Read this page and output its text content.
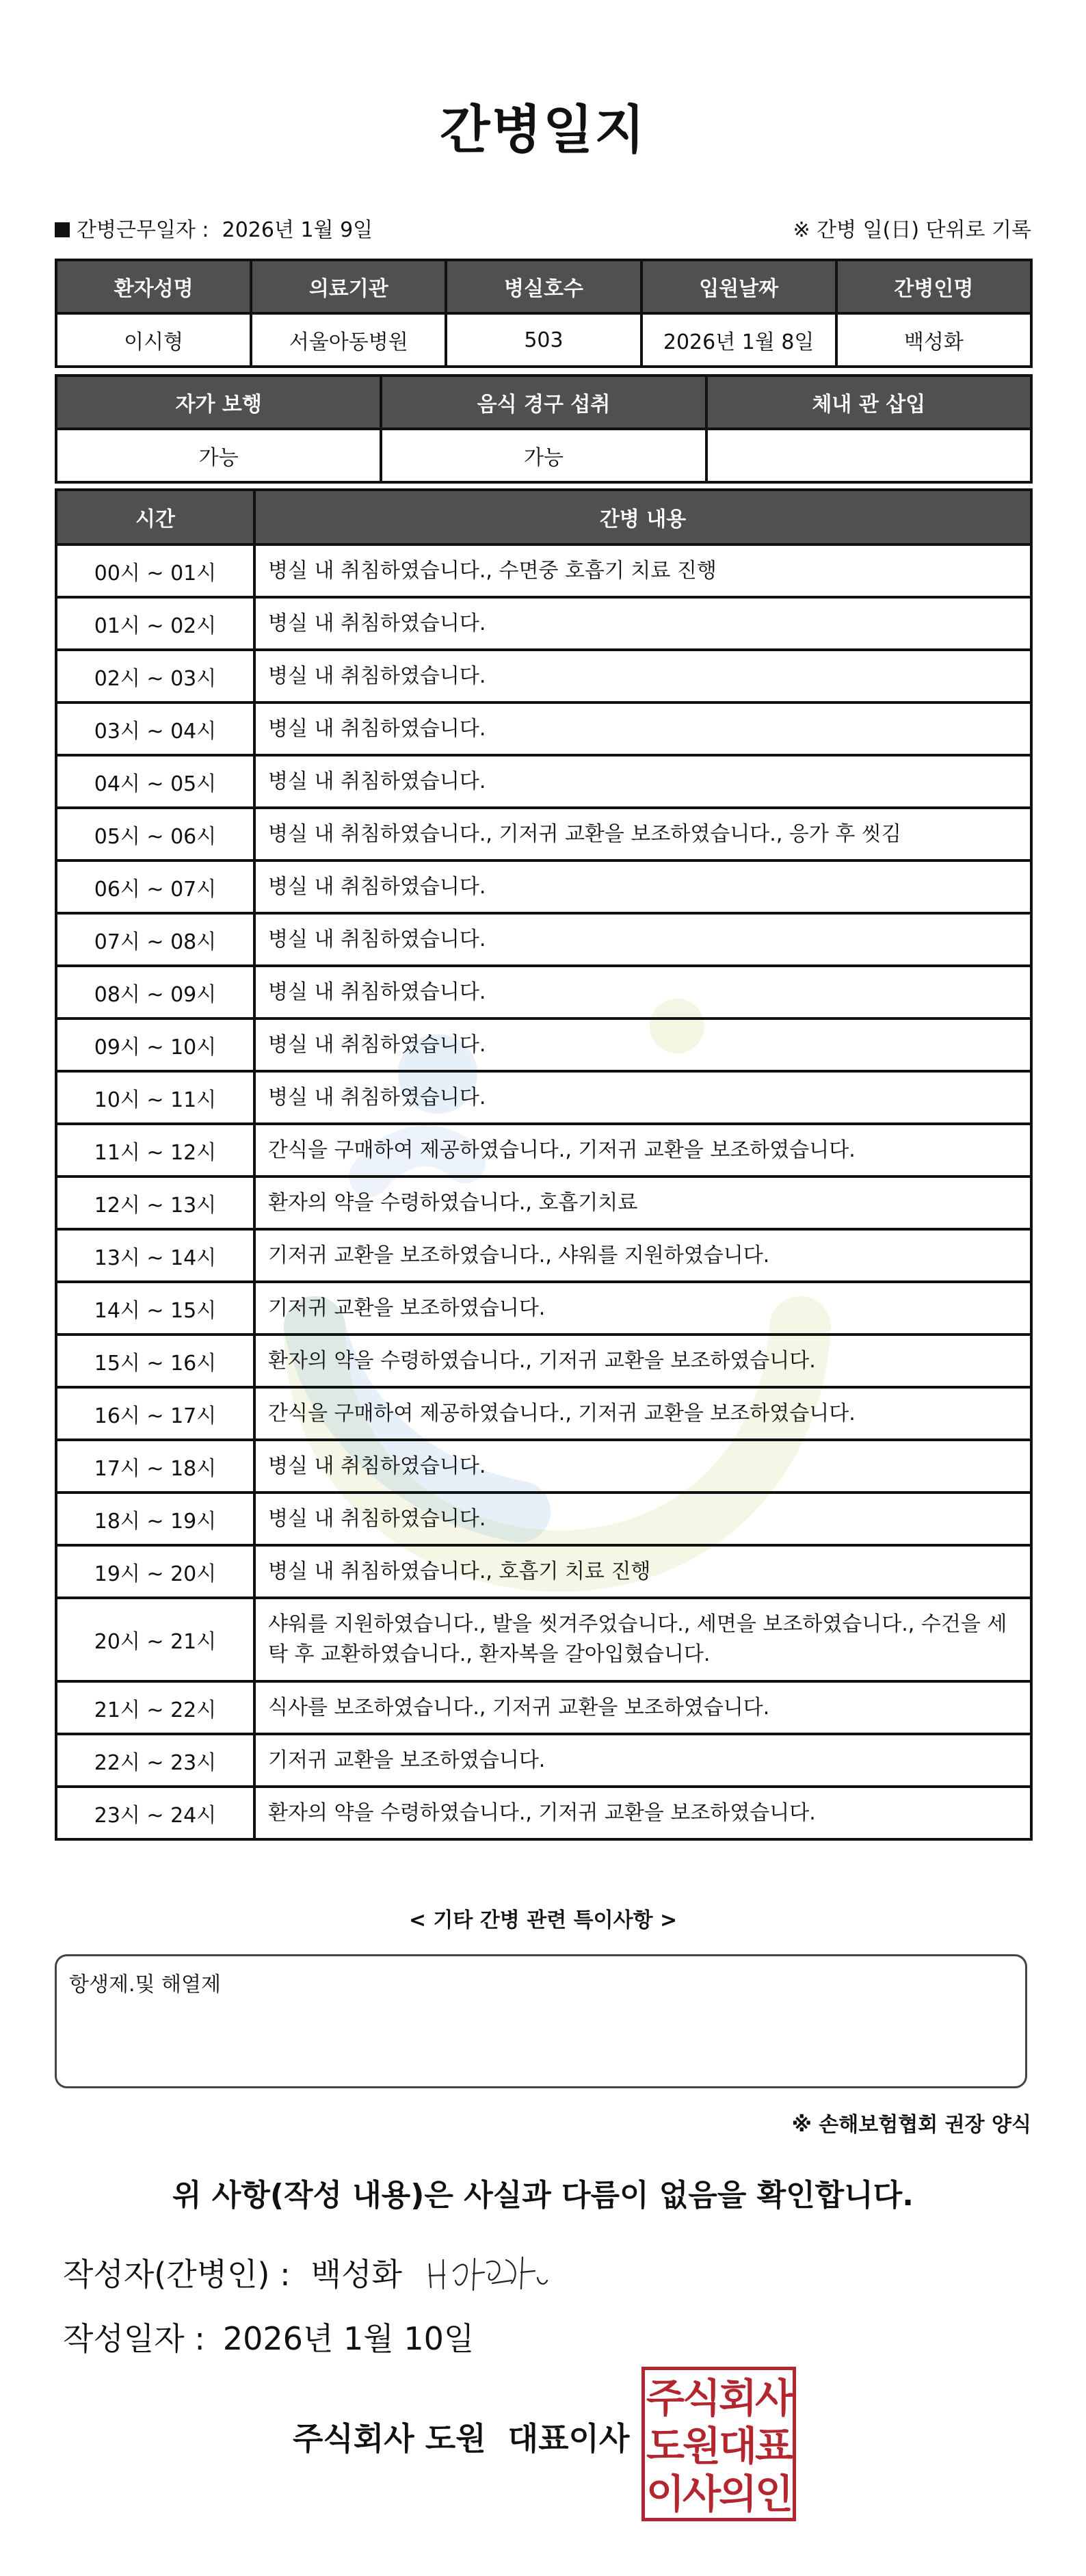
간병일지
간병근무일자 : 2026년 1월 9일	※ 간병 일(日) 단위로 기록
환자성명	의료기관	병실호수	입원날짜	간병인명
이시형	서울아동병원	503	2026년 1월 8일	백성화
자가 보행	음식 경구 섭취	체내 관 삽입
가능	가능	
시간	간병 내용
00시 ~ 01시	병실 내 취침하였습니다., 수면중 호흡기 치료 진행
01시 ~ 02시	병실 내 취침하였습니다.
02시 ~ 03시	병실 내 취침하였습니다.
03시 ~ 04시	병실 내 취침하였습니다.
04시 ~ 05시	병실 내 취침하였습니다.
05시 ~ 06시	병실 내 취침하였습니다., 기저귀 교환을 보조하였습니다., 응가 후 씻김
06시 ~ 07시	병실 내 취침하였습니다.
07시 ~ 08시	병실 내 취침하였습니다.
08시 ~ 09시	병실 내 취침하였습니다.
09시 ~ 10시	병실 내 취침하였습니다.
10시 ~ 11시	병실 내 취침하였습니다.
11시 ~ 12시	간식을 구매하여 제공하였습니다., 기저귀 교환을 보조하였습니다.
12시 ~ 13시	환자의 약을 수령하였습니다., 호흡기치료
13시 ~ 14시	기저귀 교환을 보조하였습니다., 샤워를 지원하였습니다.
14시 ~ 15시	기저귀 교환을 보조하였습니다.
15시 ~ 16시	환자의 약을 수령하였습니다., 기저귀 교환을 보조하였습니다.
16시 ~ 17시	간식을 구매하여 제공하였습니다., 기저귀 교환을 보조하였습니다.
17시 ~ 18시	병실 내 취침하였습니다.
18시 ~ 19시	병실 내 취침하였습니다.
19시 ~ 20시	병실 내 취침하였습니다., 호흡기 치료 진행
20시 ~ 21시	샤워를 지원하였습니다., 발을 씻겨주었습니다., 세면을 보조하였습니다., 수건을 세탁 후 교환하였습니다., 환자복을 갈아입혔습니다.
21시 ~ 22시	식사를 보조하였습니다., 기저귀 교환을 보조하였습니다.
22시 ~ 23시	기저귀 교환을 보조하였습니다.
23시 ~ 24시	환자의 약을 수령하였습니다., 기저귀 교환을 보조하였습니다.
< 기타 간병 관련 특이사항 >
항생제.및 해열제
※ 손해보험협회 권장 양식
위 사항(작성 내용)은 사실과 다름이 없음을 확인합니다.
작성자(간병인) : 백성화
작성일자 : 2026년 1월 10일
주식회사 도원  대표이사
주식회사
도원대표
이사의인
